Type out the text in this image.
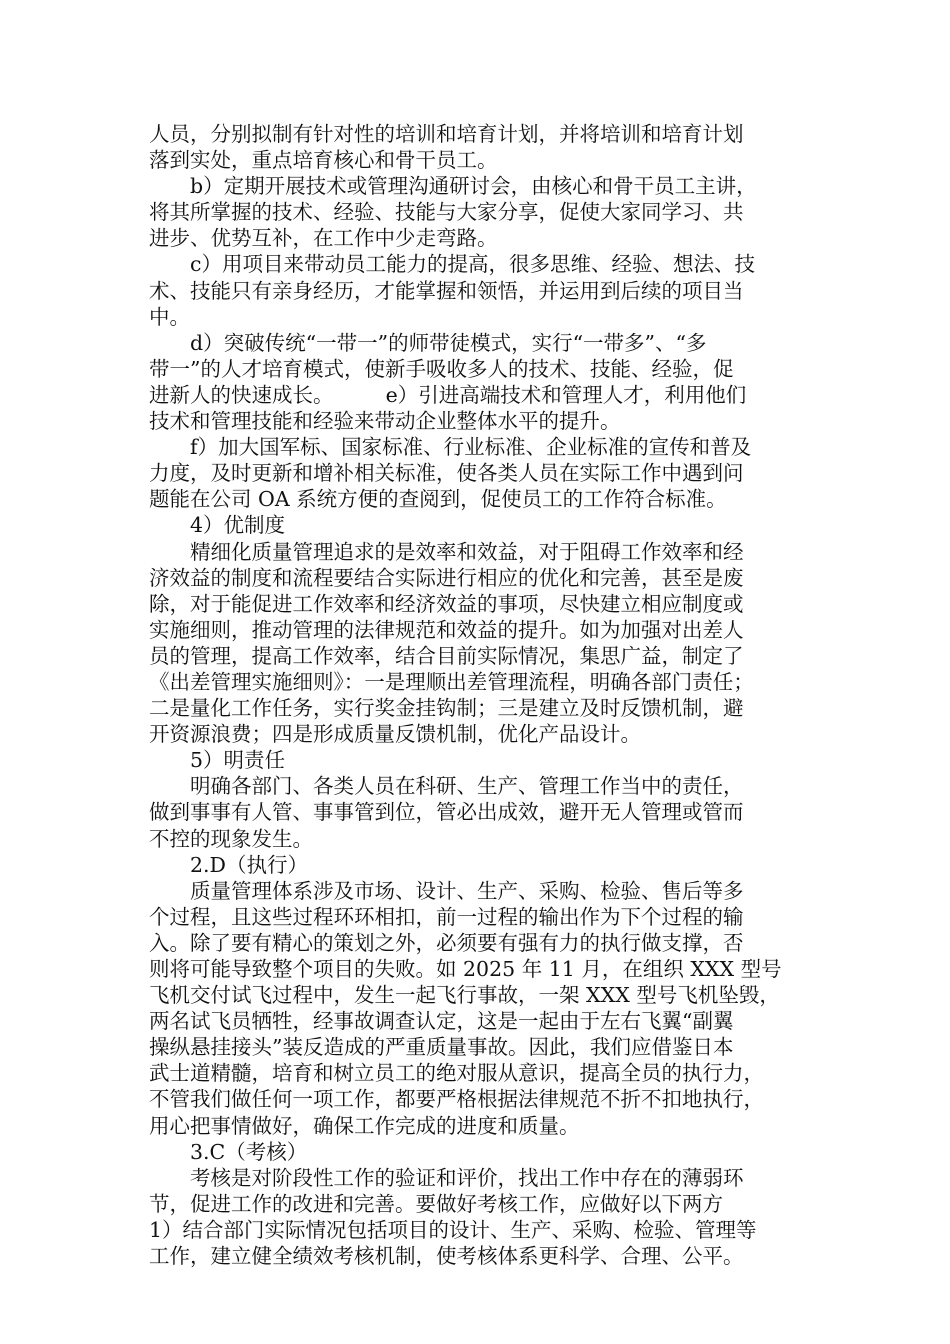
人员，分别拟制有针对性的培训和培育计划，并将培训和培育计划
落到实处，重点培育核心和骨干员工。
b）定期开展技术或管理沟通研讨会，由核心和骨干员工主讲，
将其所掌握的技术、经验、技能与大家分享，促使大家同学习、共
进步、优势互补，在工作中少走弯路。
c）用项目来带动员工能力的提高，很多思维、经验、想法、技
术、技能只有亲身经历，才能掌握和领悟，并运用到后续的项目当
中。
d）突破传统“一带一”的师带徒模式，实行“一带多”、“多
带一”的人才培育模式，使新手吸收多人的技术、技能、经验，促
进新人的快速成长。        e）引进高端技术和管理人才，利用他们
技术和管理技能和经验来带动企业整体水平的提升。
f）加大国军标、国家标准、行业标准、企业标准的宣传和普及
力度，及时更新和增补相关标准，使各类人员在实际工作中遇到问
题能在公司 OA 系统方便的查阅到，促使员工的工作符合标准。
4）优制度
精细化质量管理追求的是效率和效益，对于阻碍工作效率和经
济效益的制度和流程要结合实际进行相应的优化和完善，甚至是废
除，对于能促进工作效率和经济效益的事项，尽快建立相应制度或
实施细则，推动管理的法律规范和效益的提升。如为加强对出差人
员的管理，提高工作效率，结合目前实际情况，集思广益，制定了
《出差管理实施细则》：一是理顺出差管理流程，明确各部门责任；
二是量化工作任务，实行奖金挂钩制；三是建立及时反馈机制，避
开资源浪费；四是形成质量反馈机制，优化产品设计。
5）明责任
明确各部门、各类人员在科研、生产、管理工作当中的责任，
做到事事有人管、事事管到位，管必出成效，避开无人管理或管而
不控的现象发生。
2.D（执行）
质量管理体系涉及市场、设计、生产、采购、检验、售后等多
个过程，且这些过程环环相扣，前一过程的输出作为下个过程的输
入。除了要有精心的策划之外，必须要有强有力的执行做支撑，否
则将可能导致整个项目的失败。如 2025 年 11 月，在组织 XXX 型号
飞机交付试飞过程中，发生一起飞行事故，一架 XXX 型号飞机坠毁，
两名试飞员牺牲，经事故调查认定，这是一起由于左右飞翼“副翼
操纵悬挂接头”装反造成的严重质量事故。因此，我们应借鉴日本
武士道精髓，培育和树立员工的绝对服从意识，提高全员的执行力，
不管我们做任何一项工作，都要严格根据法律规范不折不扣地执行，
用心把事情做好，确保工作完成的进度和质量。
3.C（考核）
考核是对阶段性工作的验证和评价，找出工作中存在的薄弱环
节，促进工作的改进和完善。要做好考核工作，应做好以下两方
1）结合部门实际情况包括项目的设计、生产、采购、检验、管理等
工作，建立健全绩效考核机制，使考核体系更科学、合理、公平。
